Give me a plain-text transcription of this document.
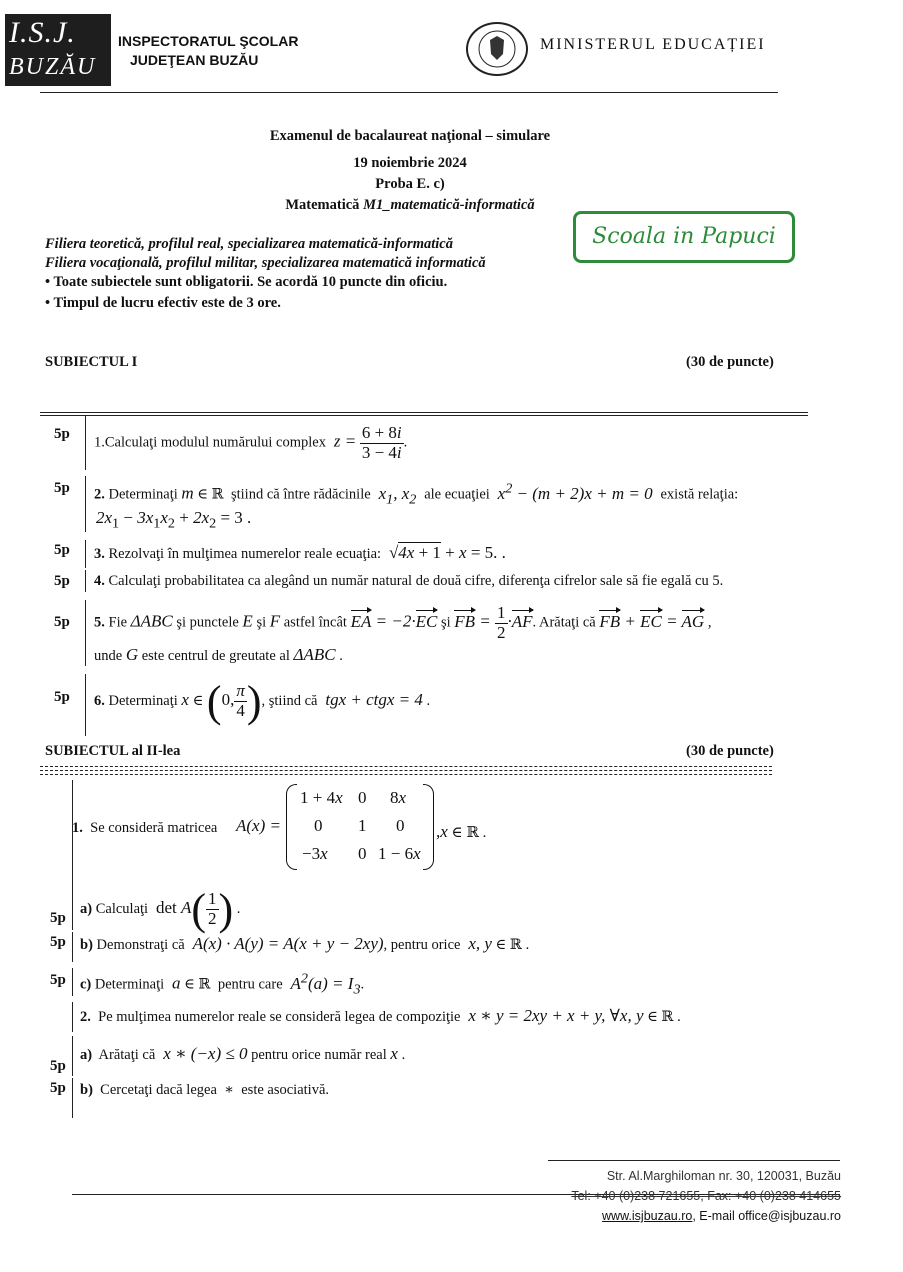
I.S.J.
BUZĂU
INSPECTORATUL ŞCOLAR
JUDEŢEAN BUZĂU
MINISTERUL EDUCAȚIEI
Examenul de bacalaureat naţional – simulare
19 noiembrie 2024
Proba E. c)
Matematică M1_matematică-informatică
Scoala in Papuci
Filiera teoretică, profilul real, specializarea matematică-informatică
Filiera vocaţională, profilul militar, specializarea matematică informatică
• Toate subiectele sunt obligatorii. Se acordă 10 puncte din oficiu.
• Timpul de lucru efectiv este de 3 ore.
SUBIECTUL I	(30 de puncte)
5p
1.Calculaţi modulul numărului complex  $z = \frac{6 + 8i}{3 - 4i}$ .
5p 2. Determinaţi m ∈ ℝ  ştiind că între rădăcinile  $x_1$, $x_2$ ale ecuaţiei  $x^2 - (m + 2)x + m = 0$  există relaţia:
$2x_1 - 3x_1x_2 + 2x_2 = 3$ .
5p 3. Rezolvaţi în mulţimea numerelor reale ecuaţia:  √4x + 1 + x = 5. .
5p 4. Calculaţi probabilitatea ca alegând un număr natural de două cifre, diferenţa cifrelor sale să fie egală cu 5.
5p 5. Fie ΔABC şi punctele E şi F astfel încât EA = −2·EC şi FB = $\frac{1}{2} \cdot AF$. Arătaţi că FB + EC = AG ,
unde G este centrul de greutate al ΔABC .
5p 6. Determinaţi x ∈ (0, $\frac{\pi}{4}$ ), ştiind că  tgx + ctgx = 4 .
SUBIECTUL al II-lea	(30 de puncte)
1. Se consideră matricea A(x) =
1 + 4x 0 8x
0 1 0
−3x 0 1 − 6x
,x ∈ ℝ .
a) Calculaţi  $\det A( \frac{1}{2}$ ) .
5p
5p b) Demonstraţi că  A(x) · A(y) = A(x + y − 2xy), pentru orice  x, y ∈ ℝ .
5p c) Determinaţi  a ∈ ℝ  pentru care  $A^2(a) = I_3$.
2. Pe mulţimea numerelor reale se consideră legea de compoziţie  x ∗ y = 2xy + x + y, ∀x, y ∈ ℝ .
a) Arătaţi că  x ∗ (−x) ≤ 0 pentru orice număr real x .
5p
5p b) Cercetaţi dacă legea  ∗  este asociativă.
Str. Al.Marghiloman nr. 30, 120031, Buzău
Tel: +40 (0)238 721655, Fax: +40 (0)238 414655
www.isjbuzau.ro, E-mail office@isjbuzau.ro
